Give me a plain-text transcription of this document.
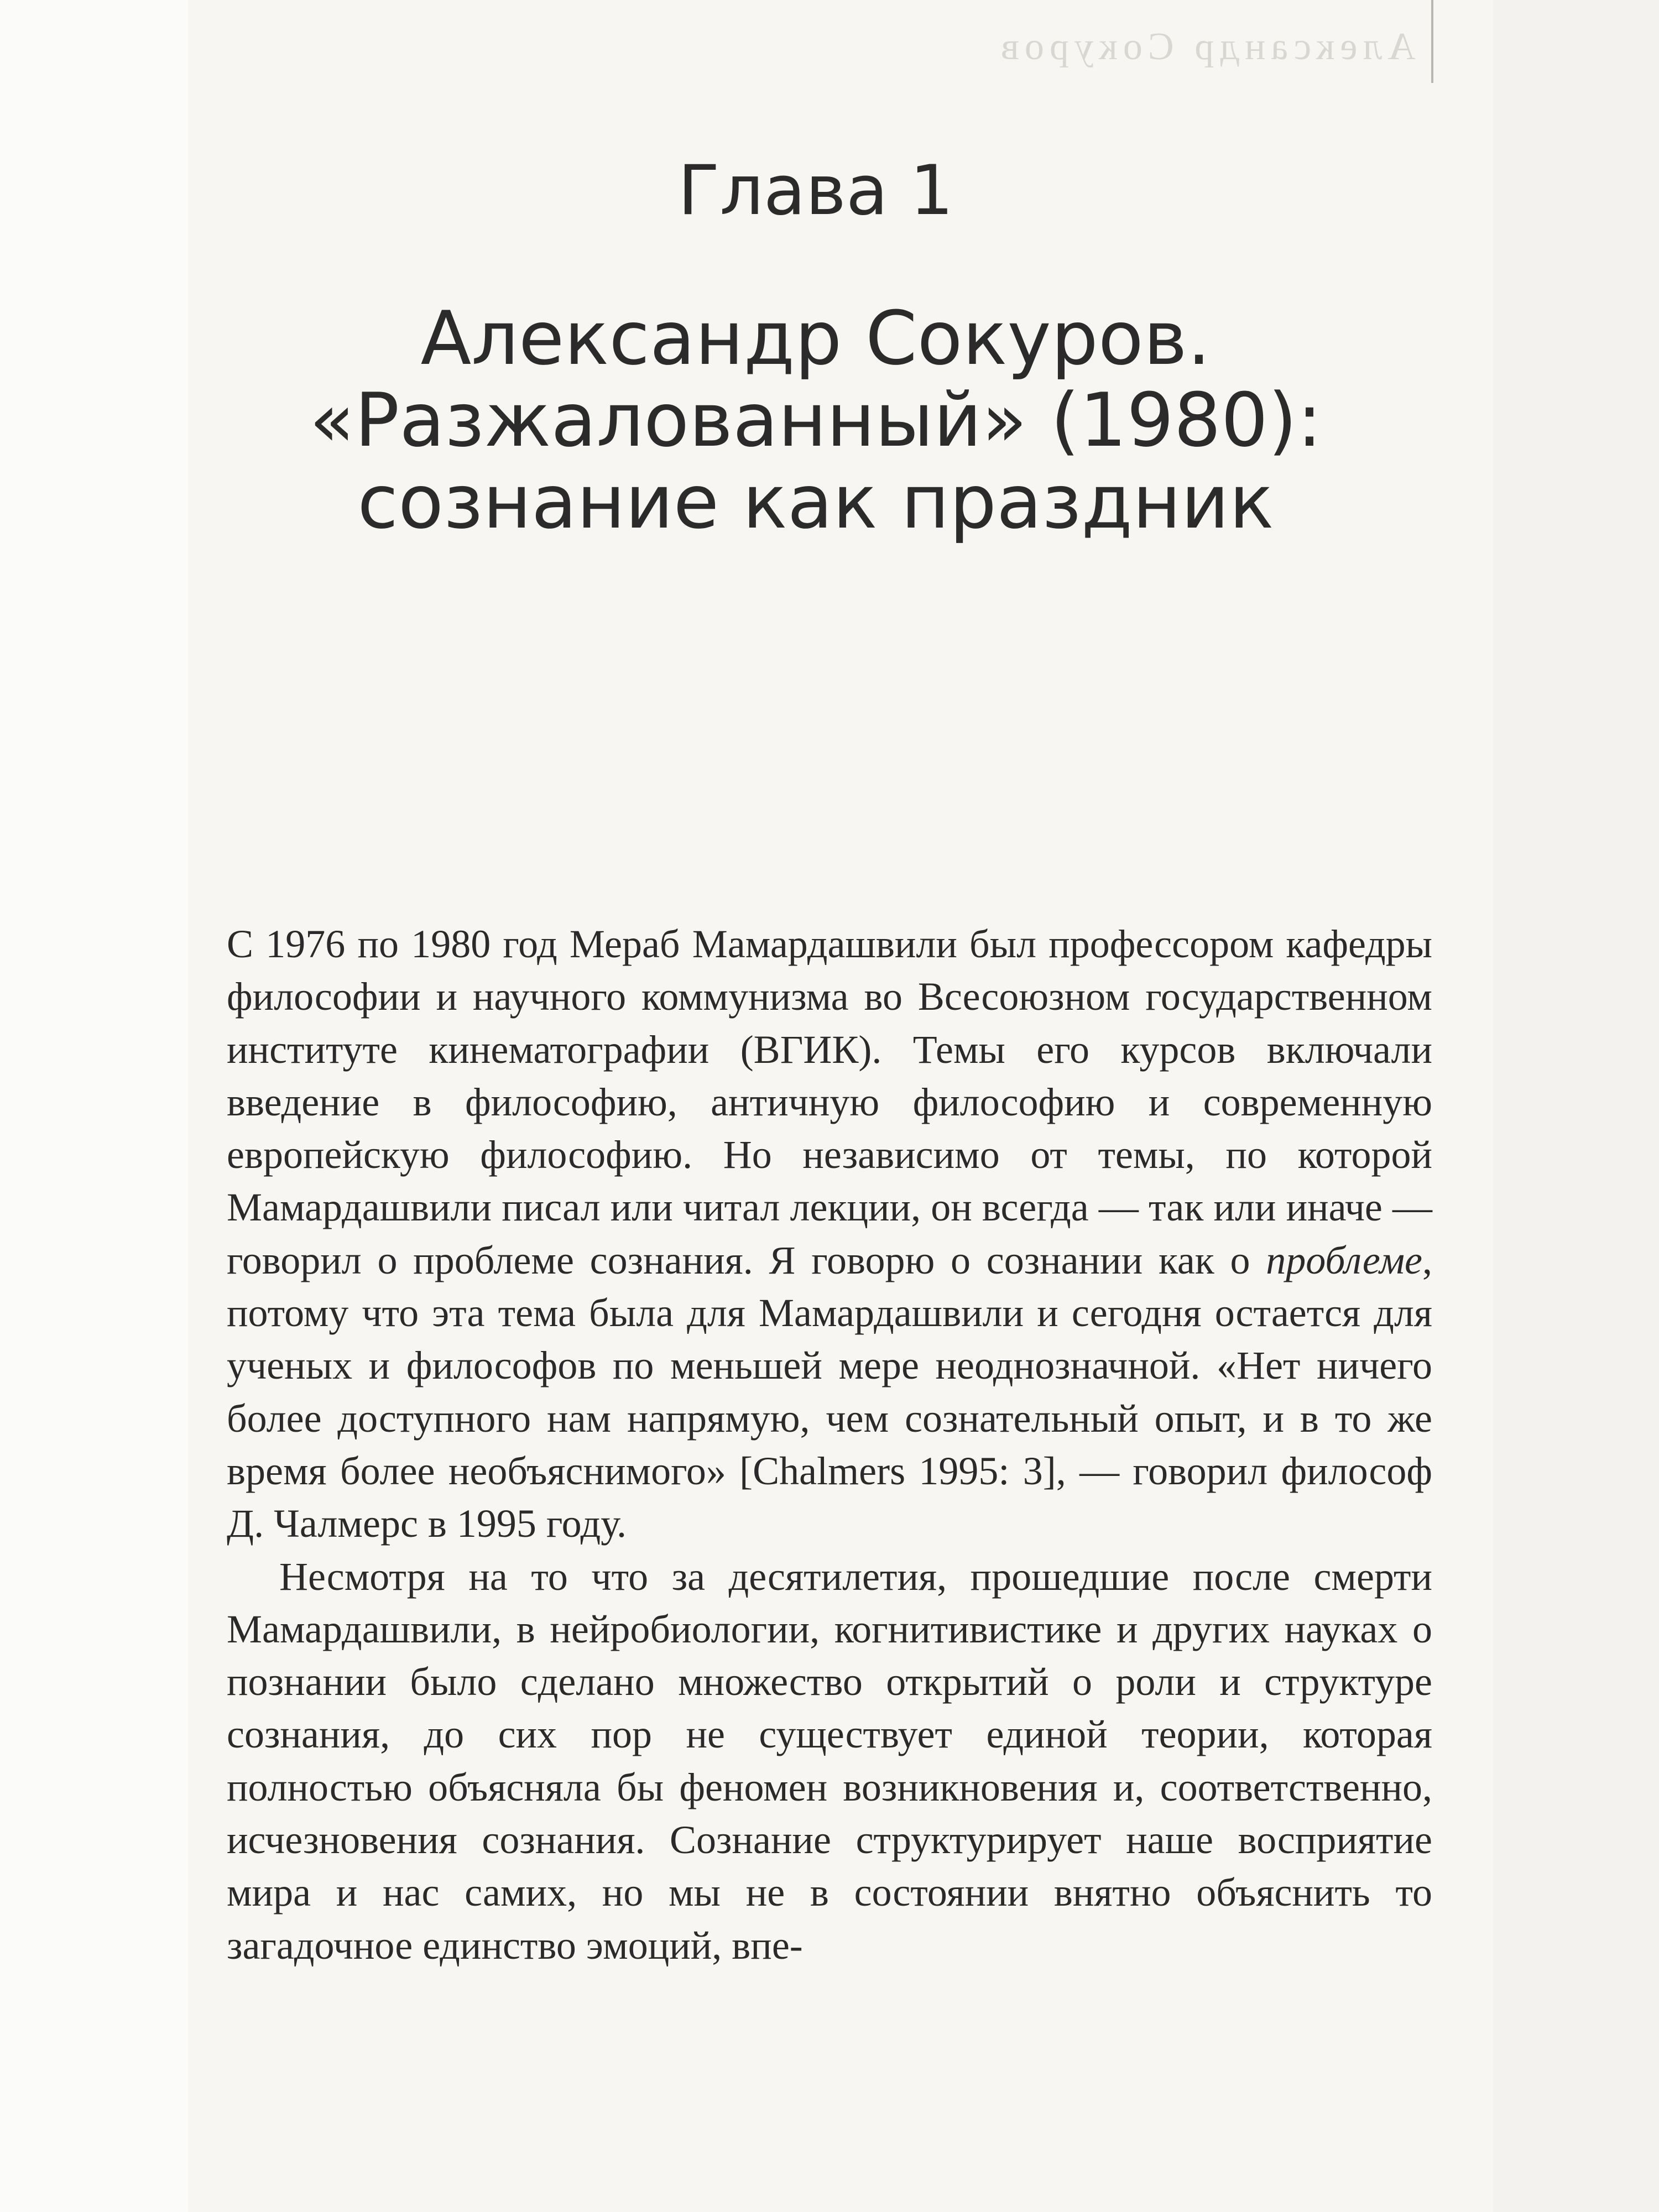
Александр Сокуров
Глава 1
Александр Сокуров.
«Разжалованный» (1980):
сознание как праздник

С 1976 по 1980 год Мераб Мамардашвили был профессором кафедры философии и научного коммунизма во Всесоюзном государственном институте кинематографии (ВГИК). Темы его курсов включали введение в философию, античную философию и современную европейскую философию. Но независимо от темы, по которой Мамардашвили писал или читал лекции, он всегда — так или иначе — говорил о проблеме сознания. Я говорю о сознании как о проблеме, потому что эта тема была для Мамардашвили и сегодня остается для ученых и философов по меньшей мере неоднозначной. «Нет ничего более доступного нам напрямую, чем сознательный опыт, и в то же время более необъяснимого» [Chalmers 1995: 3], — говорил философ Д. Чалмерс в 1995 году.

Несмотря на то что за десятилетия, прошедшие после смерти Мамардашвили, в нейробиологии, когнитивистике и других науках о познании было сделано множество открытий о роли и структуре сознания, до сих пор не существует единой теории, которая полностью объясняла бы феномен возникновения и, соответственно, исчезновения сознания. Сознание структурирует наше восприятие мира и нас самих, но мы не в состоянии внятно объяснить то загадочное единство эмоций, впе-
